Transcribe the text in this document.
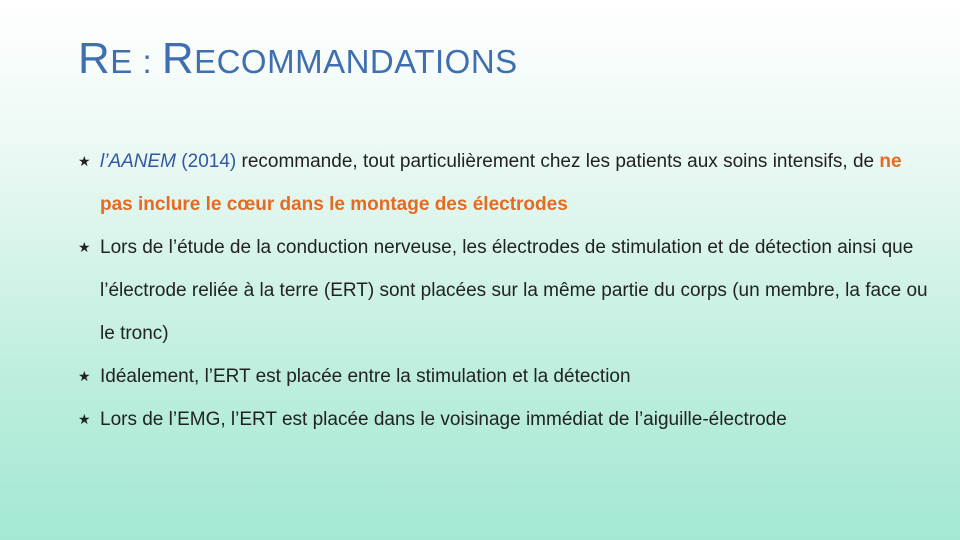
RE : RECOMMANDATIONS
★ l’AANEM (2014) recommande, tout particulièrement chez les patients aux soins intensifs, de ne pas inclure le cœur dans le montage des électrodes
★ Lors de l’étude de la conduction nerveuse, les électrodes de stimulation et de détection ainsi que l’électrode reliée à la terre (ERT) sont placées sur la même partie du corps (un membre, la face ou le tronc)
★ Idéalement, l’ERT est placée entre la stimulation et la détection
★ Lors de l’EMG, l’ERT est placée dans le voisinage immédiat de l’aiguille-électrode
